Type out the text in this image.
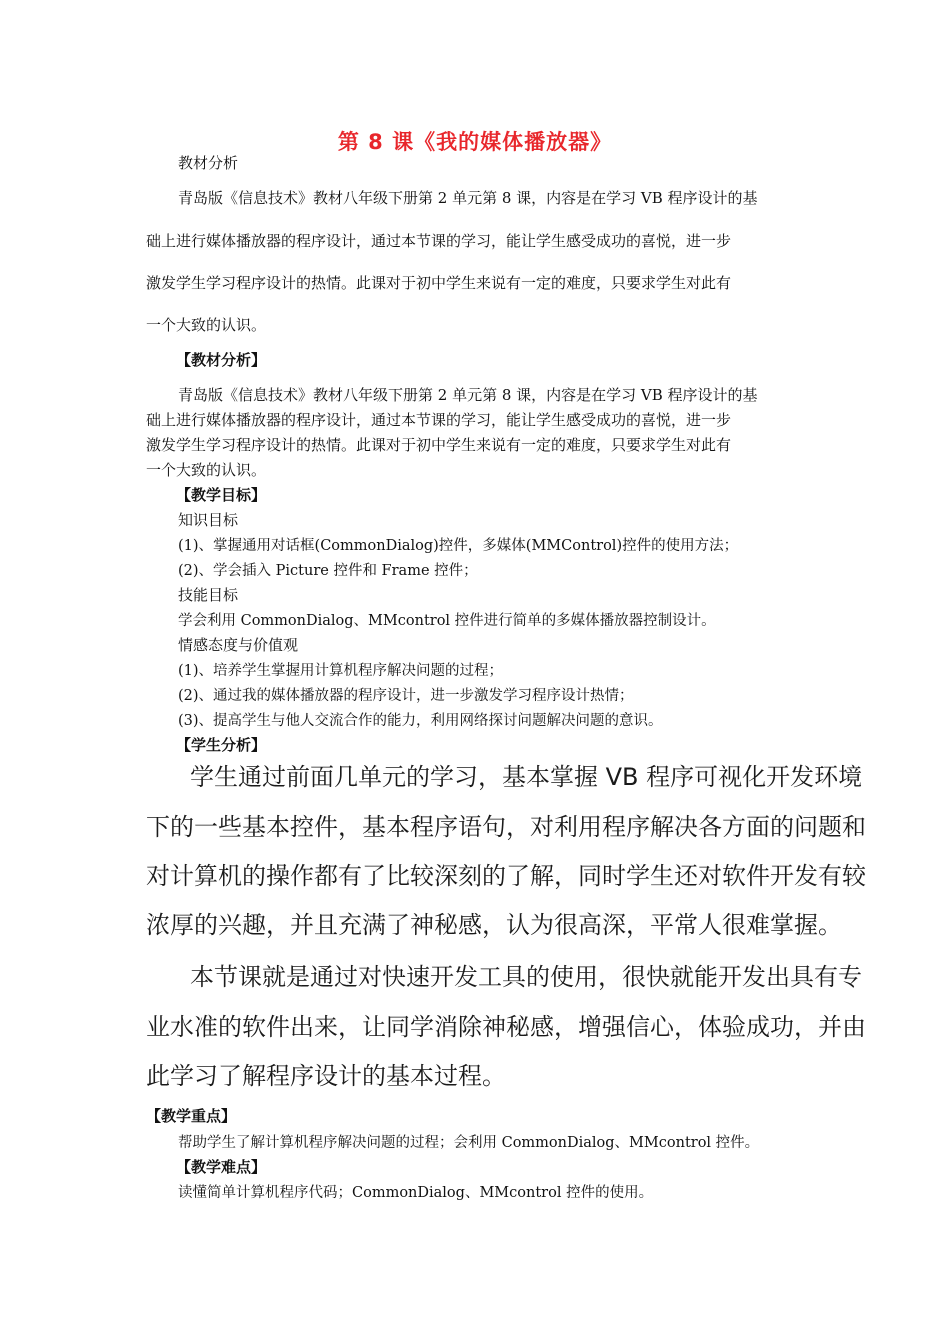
第 8 课《我的媒体播放器》
教材分析
青岛版《信息技术》教材八年级下册第 2 单元第 8 课，内容是在学习 VB 程序设计的基
础上进行媒体播放器的程序设计，通过本节课的学习，能让学生感受成功的喜悦，进一步
激发学生学习程序设计的热情。此课对于初中学生来说有一定的难度，只要求学生对此有
一个大致的认识。
【教材分析】
青岛版《信息技术》教材八年级下册第 2 单元第 8 课，内容是在学习 VB 程序设计的基
础上进行媒体播放器的程序设计，通过本节课的学习，能让学生感受成功的喜悦，进一步
激发学生学习程序设计的热情。此课对于初中学生来说有一定的难度，只要求学生对此有
一个大致的认识。
【教学目标】
知识目标
(1)、掌握通用对话框(CommonDialog)控件，多媒体(MMControl)控件的使用方法；
(2)、学会插入 Picture 控件和 Frame 控件；
技能目标
学会利用 CommonDialog、MMcontrol 控件进行简单的多媒体播放器控制设计。
情感态度与价值观
(1)、培养学生掌握用计算机程序解决问题的过程；
(2)、通过我的媒体播放器的程序设计，进一步激发学习程序设计热情；
(3)、提高学生与他人交流合作的能力，利用网络探讨问题解决问题的意识。
【学生分析】
学生通过前面几单元的学习，基本掌握 VB 程序可视化开发环境
下的一些基本控件，基本程序语句，对利用程序解决各方面的问题和
对计算机的操作都有了比较深刻的了解，同时学生还对软件开发有较
浓厚的兴趣，并且充满了神秘感，认为很高深，平常人很难掌握。
本节课就是通过对快速开发工具的使用，很快就能开发出具有专
业水准的软件出来，让同学消除神秘感，增强信心，体验成功，并由
此学习了解程序设计的基本过程。
【教学重点】
帮助学生了解计算机程序解决问题的过程；会利用 CommonDialog、MMcontrol 控件。
【教学难点】
读懂简单计算机程序代码；CommonDialog、MMcontrol 控件的使用。
